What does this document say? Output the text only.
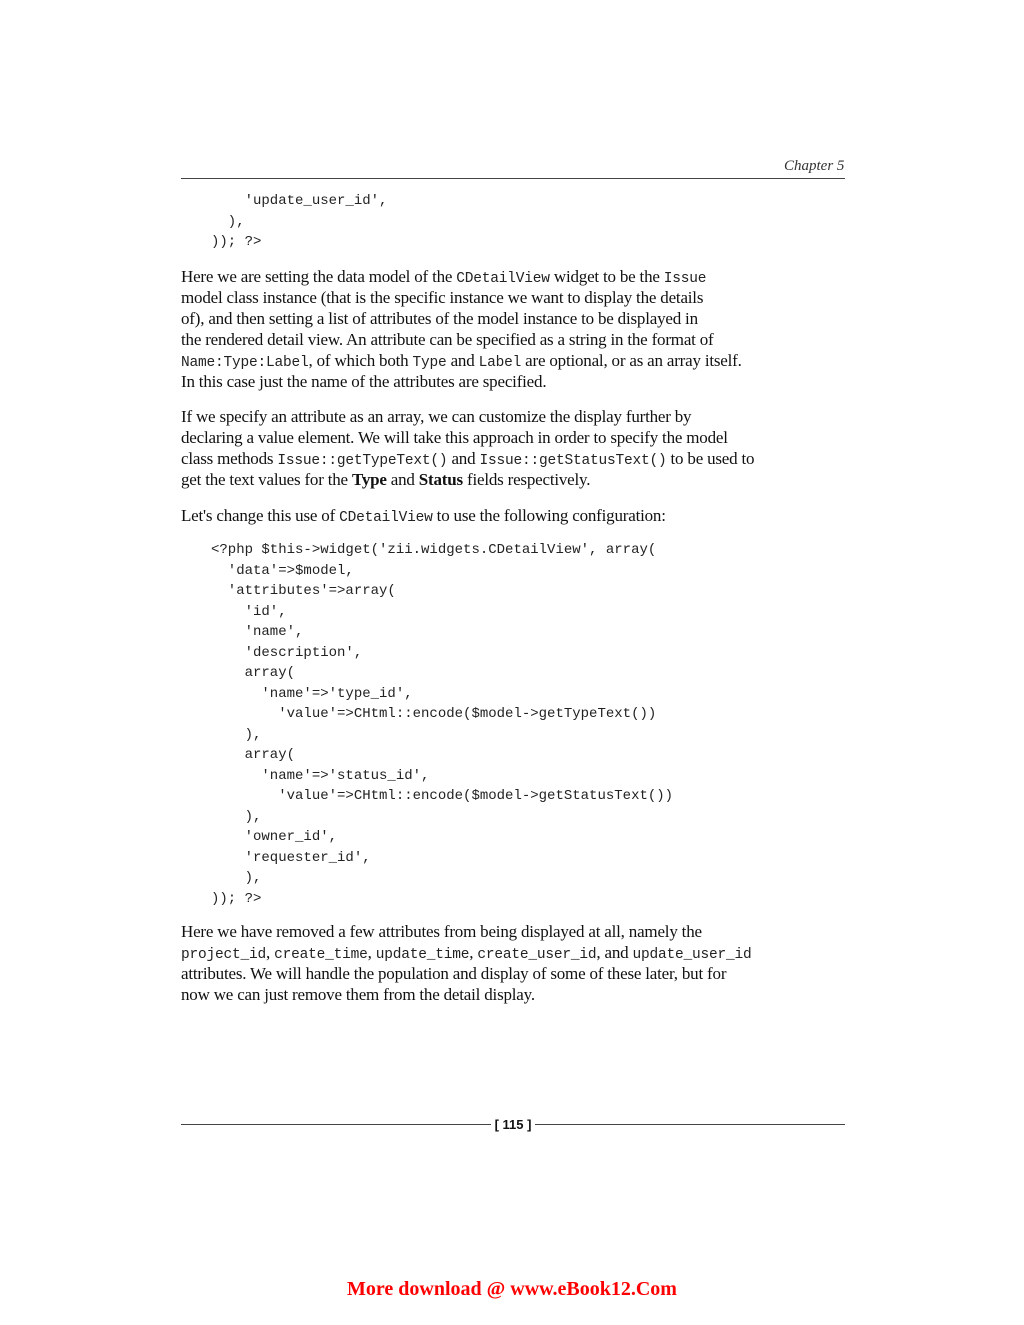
Chapter 5
'update_user_id',
),
)); ?>
Here we are setting the data model of the CDetailView widget to be the Issue
model class instance (that is the specific instance we want to display the details
of), and then setting a list of attributes of the model instance to be displayed in
the rendered detail view. An attribute can be specified as a string in the format of
Name:Type:Label, of which both Type and Label are optional, or as an array itself.
In this case just the name of the attributes are specified.
If we specify an attribute as an array, we can customize the display further by
declaring a value element. We will take this approach in order to specify the model
class methods Issue::getTypeText() and Issue::getStatusText() to be used to
get the text values for the Type and Status fields respectively.
Let's change this use of CDetailView to use the following configuration:
<?php $this->widget('zii.widgets.CDetailView', array(
'data'=>$model,
'attributes'=>array(
'id',
'name',
'description',
array(
'name'=>'type_id',
'value'=>CHtml::encode($model->getTypeText())
),
array(
'name'=>'status_id',
'value'=>CHtml::encode($model->getStatusText())
),
'owner_id',
'requester_id',
),
)); ?>
Here we have removed a few attributes from being displayed at all, namely the
project_id, create_time, update_time, create_user_id, and update_user_id
attributes. We will handle the population and display of some of these later, but for
now we can just remove them from the detail display.
[ 115 ]
More download @ www.eBook12.Com
